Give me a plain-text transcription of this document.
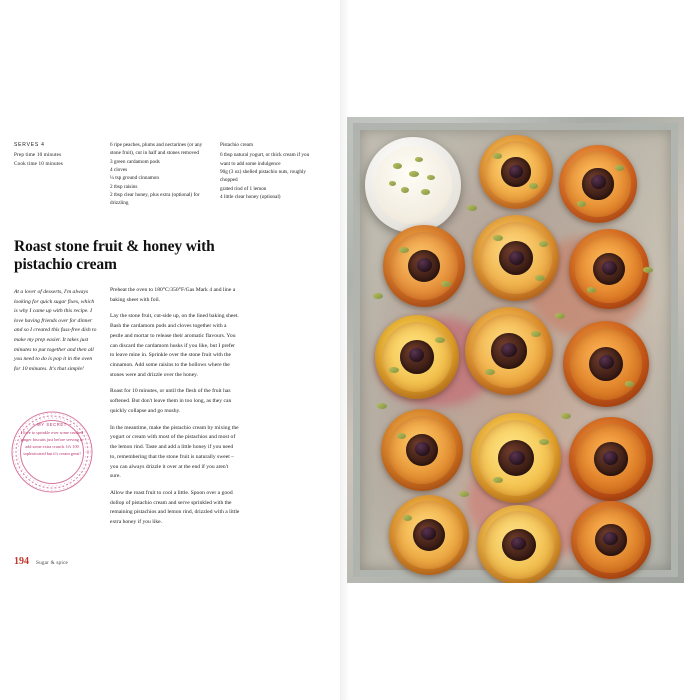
SERVES 4
Prep time 10 minutes
Cook time 10 minutes
6 ripe peaches, plums and nectarines (or any stone fruit), cut in half and stones removed
3 green cardamom pods
4 cloves
¼ tsp ground cinnamon
2 tbsp raisins
2 tbsp clear honey, plus extra (optional) for drizzling
Pistachio cream
6 tbsp natural yogurt, or thick cream if you want to add some indulgence
90g (3 oz) shelled pistachio nuts, roughly chopped
grated rind of 1 lemon
4 little clear honey (optional)
Roast stone fruit & honey with pistachio cream
At a lover of desserts, I'm always looking for quick sugar fixes, which is why I came up with this recipe. I love having friends over for dinner and so I created this fuss-free dish to make my prep easier. It takes just minutes to put together and then all you need to do is pop it in the oven for 10 minutes. It's that simple!

Preheat the oven to 180°C/350°F/Gas Mark 4 and line a baking sheet with foil.

Lay the stone fruit, cut-side up, on the lined baking sheet. Bash the cardamom pods and cloves together with a pestle and mortar to release their aromatic flavours. You can discard the cardamom husks if you like, but I prefer to leave mine in. Sprinkle over the stone fruit with the cinnamon. Add some raisins to the hollows where the stones were and drizzle over the honey.

Roast for 10 minutes, or until the flesh of the fruit has softened. But don't leave them in too long, as they can quickly collapse and go mushy.

In the meantime, make the pistachio cream by mixing the yogurt or cream with most of the pistachios and most of the lemon rind. Taste and add a little honey if you need to, remembering that the stone fruit is naturally sweet – you can always drizzle it over at the end if you aren't sure.

Allow the roast fruit to cool a little. Spoon over a good dollop of pistachio cream and serve sprinkled with the remaining pistachios and lemon rind, drizzled with a little extra honey if you like.

~ MY SECRET ~
I love to sprinkle over some crushed ginger biscuits just before serving to add some extra crunch. It's 100 sophisticated but it's cream great!
194 Sugar & spice
